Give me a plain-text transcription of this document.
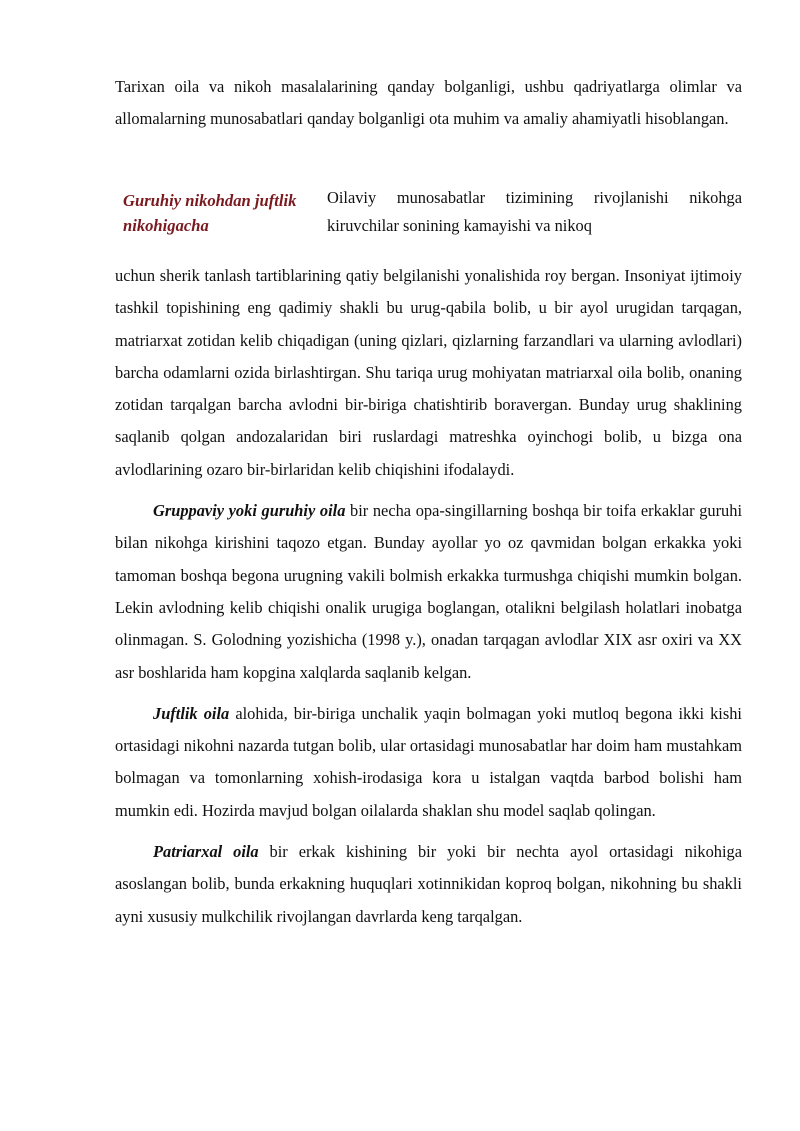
Tarixan oila va nikoh masalalarining qanday bolganligi, ushbu qadriyatlarga olimlar va allomalarning munosabatlari qanday bolganligi ota muhim va amaliy ahamiyatli hisoblangan.

Guruhiy nikohdan juftlik nikohigacha

Oilaviy munosabatlar tizimining rivojlanishi nikohga kiruvchilar sonining kamayishi va nikoq

uchun sherik tanlash tartiblarining qatiy belgilanishi yonalishida roy bergan. Insoniyat ijtimoiy tashkil topishining eng qadimiy shakli bu urug-qabila bolib, u bir ayol urugidan tarqagan, matriarxat zotidan kelib chiqadigan (uning qizlari, qizlarning farzandlari va ularning avlodlari) barcha odamlarni ozida birlashtirgan. Shu tariqa urug mohiyatan matriarxal oila bolib, onaning zotidan tarqalgan barcha avlodni bir-biriga chatishtirib boravergan. Bunday urug shaklining saqlanib qolgan andozalaridan biri ruslardagi matreshka oyinchogi bolib, u bizga ona avlodlarining ozaro bir-birlaridan kelib chiqishini ifodalaydi.

Gruppaviy yoki guruhiy oila bir necha opa-singillarning boshqa bir toifa erkaklar guruhi bilan nikohga kirishini taqozo etgan. Bunday ayollar yo oz qavmidan bolgan erkakka yoki tamoman boshqa begona urugning vakili bolmish erkakka turmushga chiqishi mumkin bolgan. Lekin avlodning kelib chiqishi onalik urugiga boglangan, otalikni belgilash holatlari inobatga olinmagan. S. Golodning yozishicha (1998 y.), onadan tarqagan avlodlar XIX asr oxiri va XX asr boshlarida ham kopgina xalqlarda saqlanib kelgan.

Juftlik oila alohida, bir-biriga unchalik yaqin bolmagan yoki mutloq begona ikki kishi ortasidagi nikohni nazarda tutgan bolib, ular ortasidagi munosabatlar har doim ham mustahkam bolmagan va tomonlarning xohish-irodasiga kora u istalgan vaqtda barbod bolishi ham mumkin edi. Hozirda mavjud bolgan oilalarda shaklan shu model saqlab qolingan.

Patriarxal oila bir erkak kishining bir yoki bir nechta ayol ortasidagi nikohiga asoslangan bolib, bunda erkakning huquqlari xotinnikidan koproq bolgan, nikohning bu shakli ayni xususiy mulkchilik rivojlangan davrlarda keng tarqalgan.
